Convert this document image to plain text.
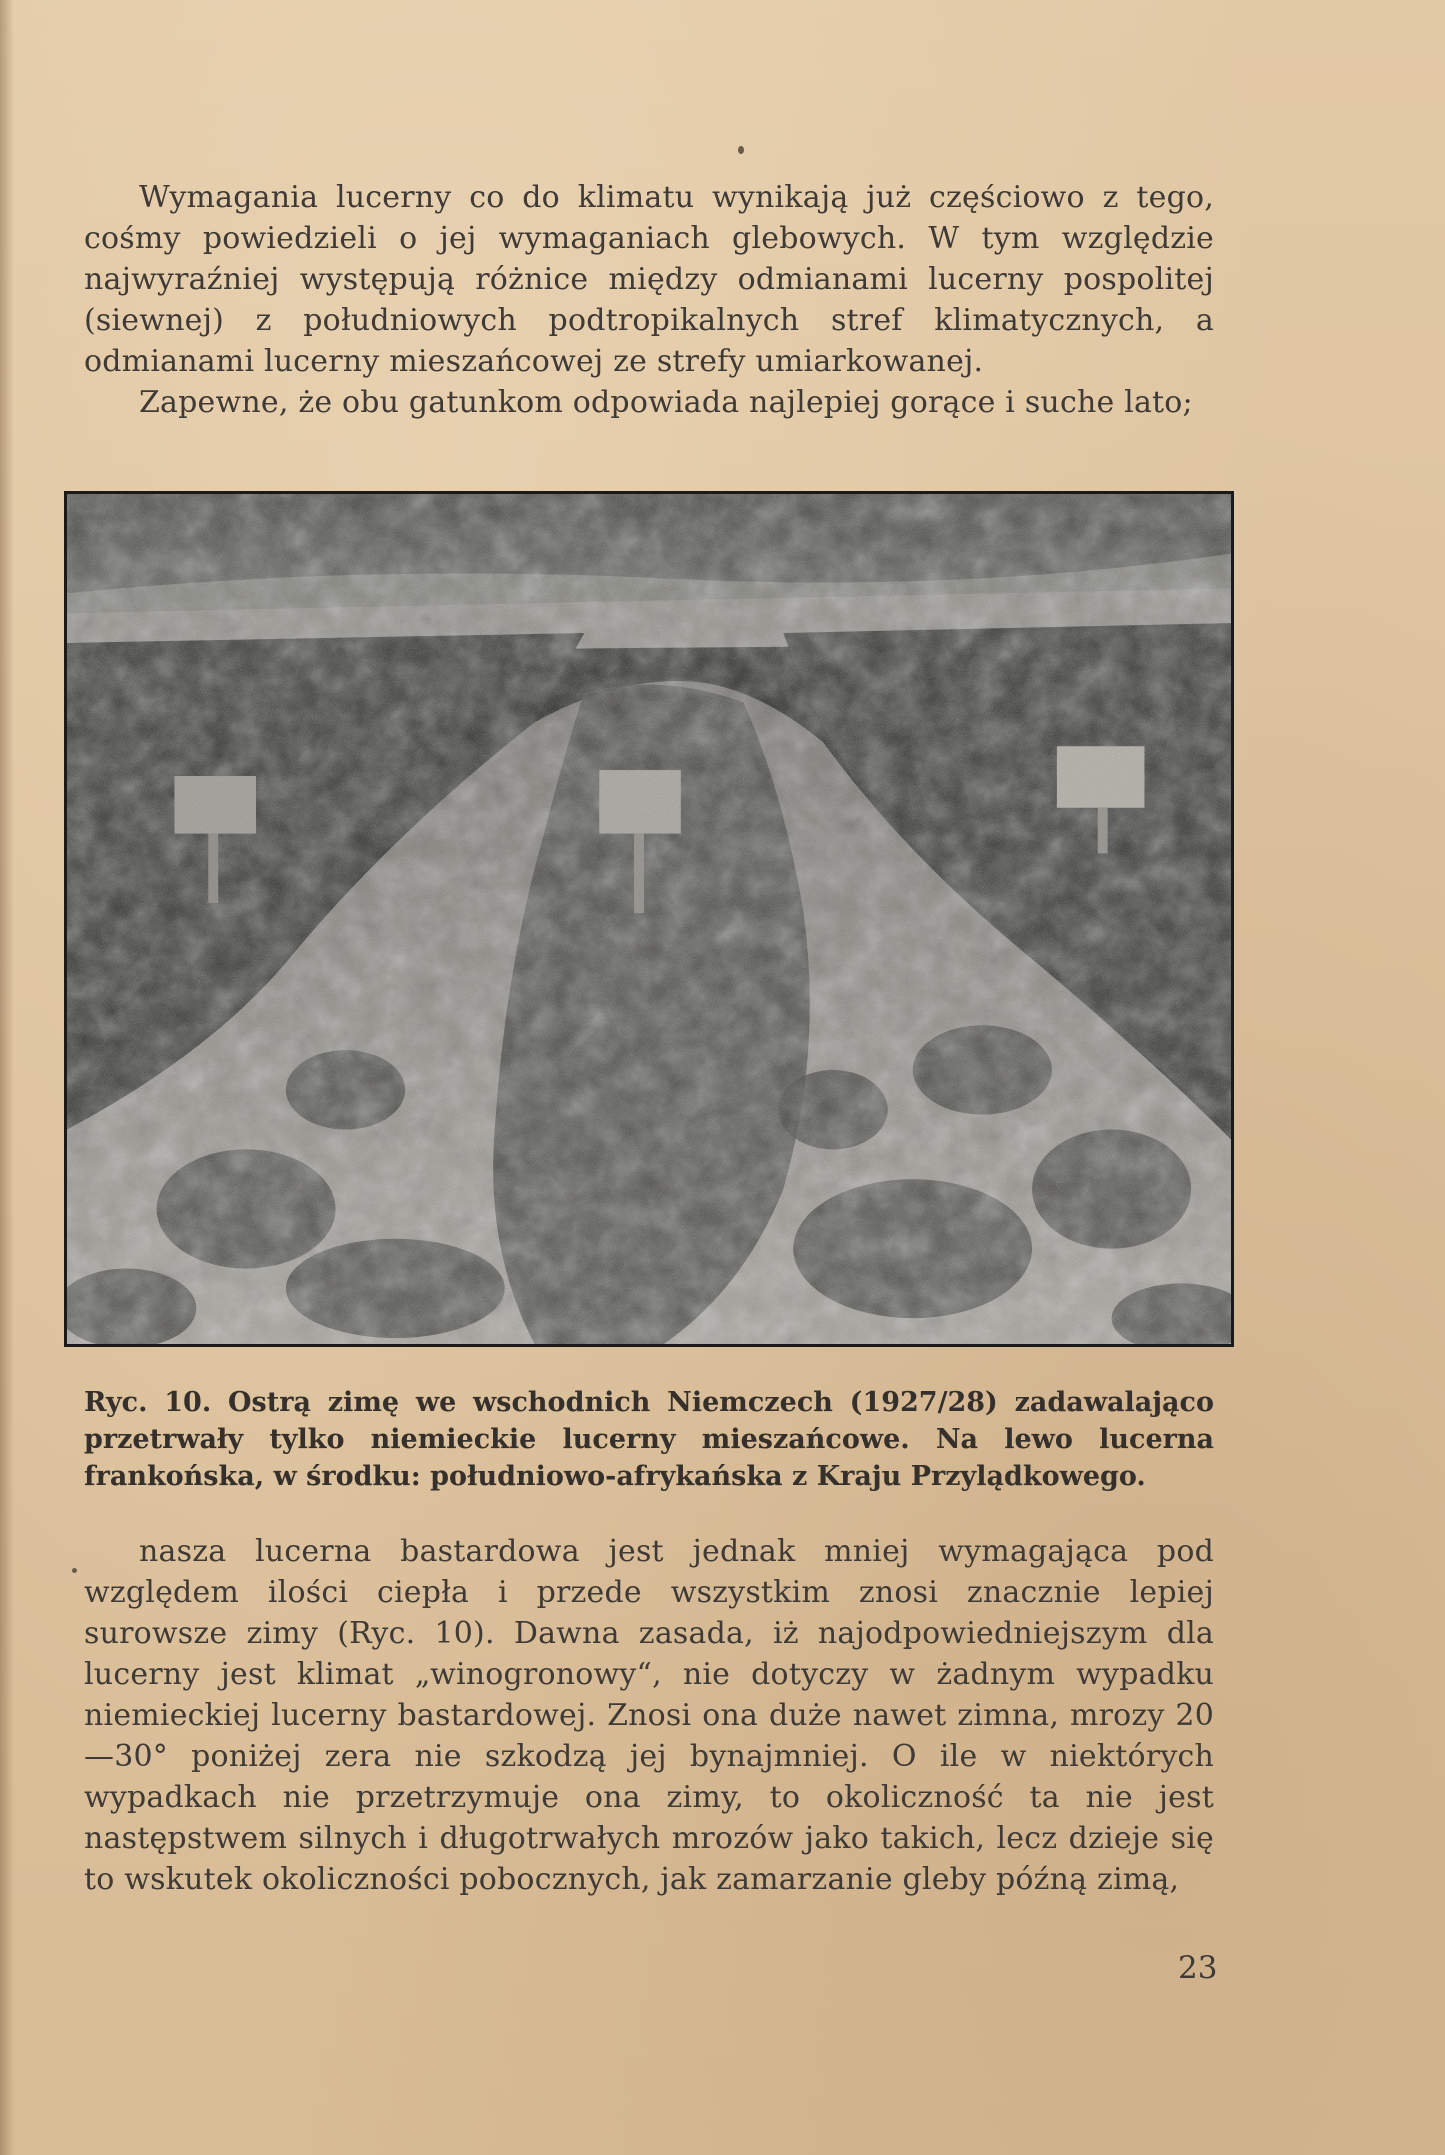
Wymagania lucerny co do klimatu wynikają już częściowo z tego, cośmy powiedzieli o jej wymaganiach glebowych. W tym względzie najwyraźniej występują różnice między odmianami lucerny pospolitej (siewnej) z południowych podtropikalnych stref klimatycznych, a odmianami lucerny mieszańcowej ze strefy umiarkowanej.

Zapewne, że obu gatunkom odpowiada najlepiej gorące i suche lato;

Ryc. 10. Ostrą zimę we wschodnich Niemczech (1927/28) zadawalająco przetrwały tylko niemieckie lucerny mieszańcowe. Na lewo lucerna frankońska, w środku: południowo-afrykańska z Kraju Przylądkowego.

nasza lucerna bastardowa jest jednak mniej wymagająca pod względem ilości ciepła i przede wszystkim znosi znacznie lepiej surowsze zimy (Ryc. 10). Dawna zasada, iż najodpowiedniejszym dla lucerny jest klimat „winogronowy“, nie dotyczy w żadnym wypadku niemieckiej lucerny bastardowej. Znosi ona duże nawet zimna, mrozy 20—30° poniżej zera nie szkodzą jej bynajmniej. O ile w niektórych wypadkach nie przetrzymuje ona zimy, to okoliczność ta nie jest następstwem silnych i długotrwałych mrozów jako takich, lecz dzieje się to wskutek okoliczności pobocznych, jak zamarzanie gleby późną zimą,

23
